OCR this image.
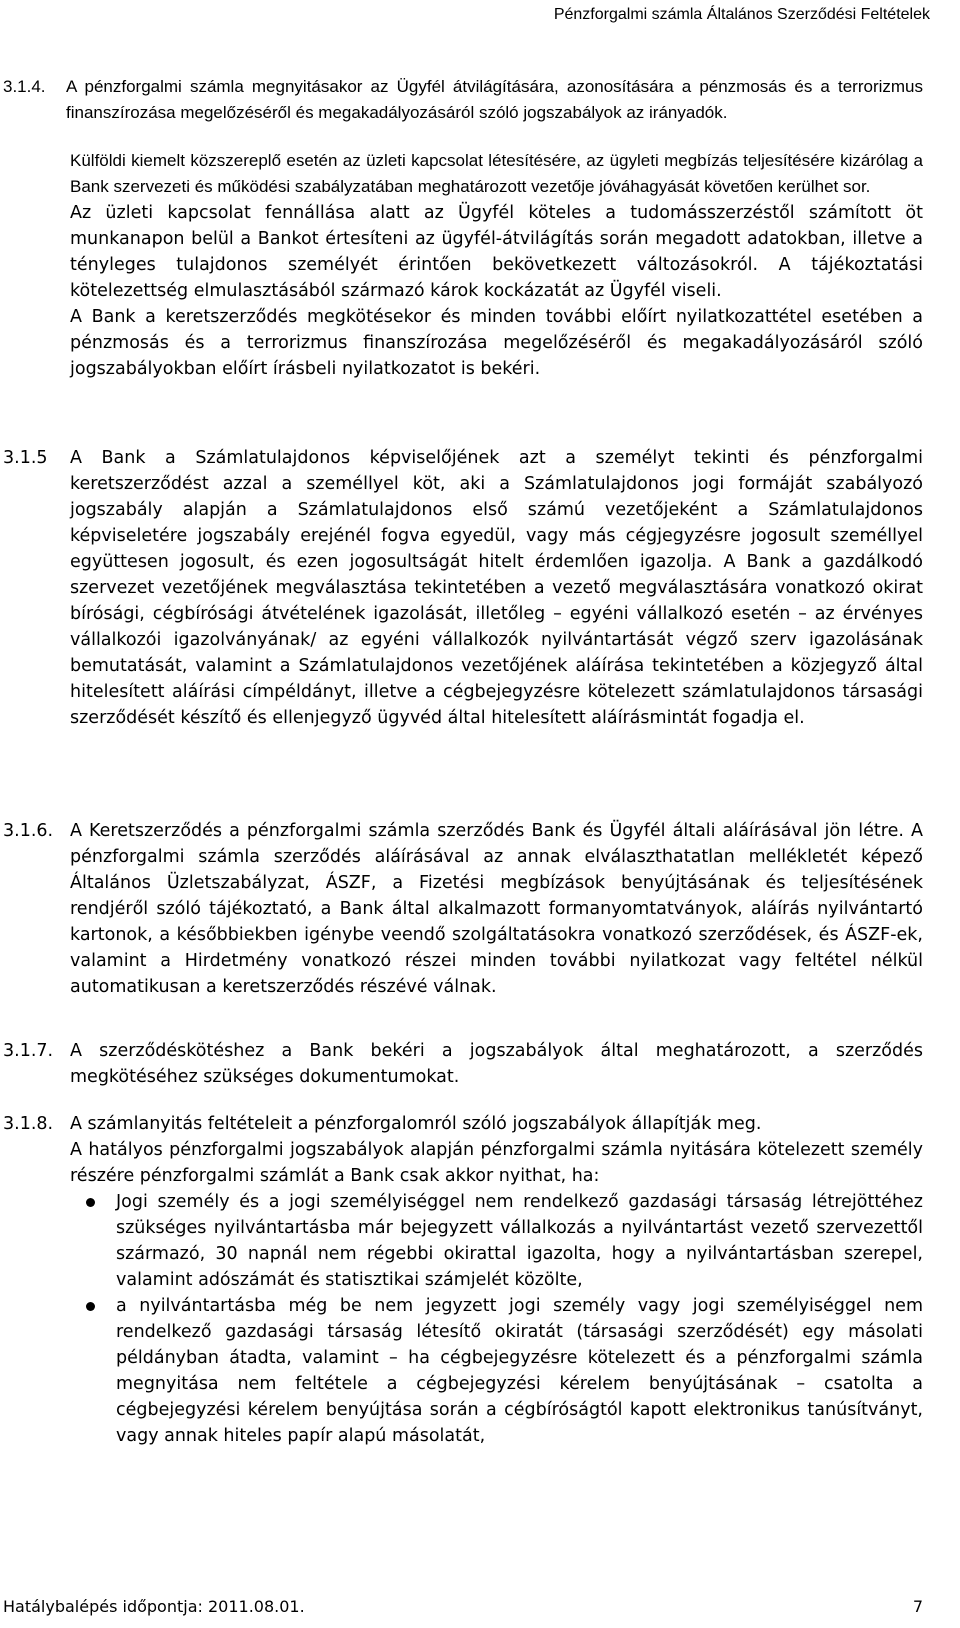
Pénzforgalmi számla Általános Szerződési Feltételek
3.1.4.	A pénzforgalmi számla megnyitásakor az Ügyfél átvilágítására, azonosítására a pénzmosás és a terrorizmus finanszírozása megelőzéséről és megakadályozásáról szóló jogszabályok az irányadók.

Külföldi kiemelt közszereplő esetén az üzleti kapcsolat létesítésére, az ügyleti megbízás teljesítésére kizárólag a Bank szervezeti és működési szabályzatában meghatározott vezetője jóváhagyását követően kerülhet sor.

Az üzleti kapcsolat fennállása alatt az Ügyfél köteles a tudomásszerzéstől számított öt munkanapon belül a Bankot értesíteni az ügyfél-átvilágítás során megadott adatokban, illetve a tényleges tulajdonos személyét érintően bekövetkezett változásokról. A tájékoztatási kötelezettség elmulasztásából származó károk kockázatát az Ügyfél viseli.

A Bank a keretszerződés megkötésekor és minden további előírt nyilatkozattétel esetében a pénzmosás és a terrorizmus finanszírozása megelőzéséről és megakadályozásáról szóló jogszabályokban előírt írásbeli nyilatkozatot is bekéri.

3.1.5 A Bank a Számlatulajdonos képviselőjének azt a személyt tekinti és pénzforgalmi keretszerződést azzal a személlyel köt, aki a Számlatulajdonos jogi formáját szabályozó jogszabály alapján a Számlatulajdonos első számú vezetőjeként a Számlatulajdonos képviseletére jogszabály erejénél fogva egyedül, vagy más cégjegyzésre jogosult személlyel együttesen jogosult, és ezen jogosultságát hitelt érdemlően igazolja. A Bank a gazdálkodó szervezet vezetőjének megválasztása tekintetében a vezető megválasztására vonatkozó okirat bírósági, cégbírósági átvételének igazolását, illetőleg – egyéni vállalkozó esetén – az érvényes vállalkozói igazolványának/ az egyéni vállalkozók nyilvántartását végző szerv igazolásának bemutatását, valamint a Számlatulajdonos vezetőjének aláírása tekintetében a közjegyző által hitelesített aláírási címpéldányt, illetve a cégbejegyzésre kötelezett számlatulajdonos társasági szerződését készítő és ellenjegyző ügyvéd által hitelesített aláírásmintát fogadja el.

3.1.6. A Keretszerződés a pénzforgalmi számla szerződés Bank és Ügyfél általi aláírásával jön létre. A pénzforgalmi számla szerződés aláírásával az annak elválaszthatatlan mellékletét képező Általános Üzletszabályzat, ÁSZF, a Fizetési megbízások benyújtásának és teljesítésének rendjéről szóló tájékoztató, a Bank által alkalmazott formanyomtatványok, aláírás nyilvántartó kartonok, a későbbiekben igénybe veendő szolgáltatásokra vonatkozó szerződések, és ÁSZF-ek, valamint a Hirdetmény vonatkozó részei minden további nyilatkozat vagy feltétel nélkül automatikusan a keretszerződés részévé válnak.

3.1.7. A szerződéskötéshez a Bank bekéri a jogszabályok által meghatározott, a szerződés megkötéséhez szükséges dokumentumokat.

3.1.8. A számlanyitás feltételeit a pénzforgalomról szóló jogszabályok állapítják meg.

A hatályos pénzforgalmi jogszabályok alapján pénzforgalmi számla nyitására kötelezett személy részére pénzforgalmi számlát a Bank csak akkor nyithat, ha:

Jogi személy és a jogi személyiséggel nem rendelkező gazdasági társaság létrejöttéhez szükséges nyilvántartásba már bejegyzett vállalkozás a nyilvántartást vezető szervezettől származó, 30 napnál nem régebbi okirattal igazolta, hogy a nyilvántartásban szerepel, valamint adószámát és statisztikai számjelét közölte,
a nyilvántartásba még be nem jegyzett jogi személy vagy jogi személyiséggel nem rendelkező gazdasági társaság létesítő okiratát (társasági szerződését) egy másolati példányban átadta, valamint – ha cégbejegyzésre kötelezett és a pénzforgalmi számla megnyitása nem feltétele a cégbejegyzési kérelem benyújtásának – csatolta a cégbejegyzési kérelem benyújtása során a cégbíróságtól kapott elektronikus tanúsítványt, vagy annak hiteles papír alapú másolatát,
Hatálybalépés időpontja: 2011.08.01.	7
